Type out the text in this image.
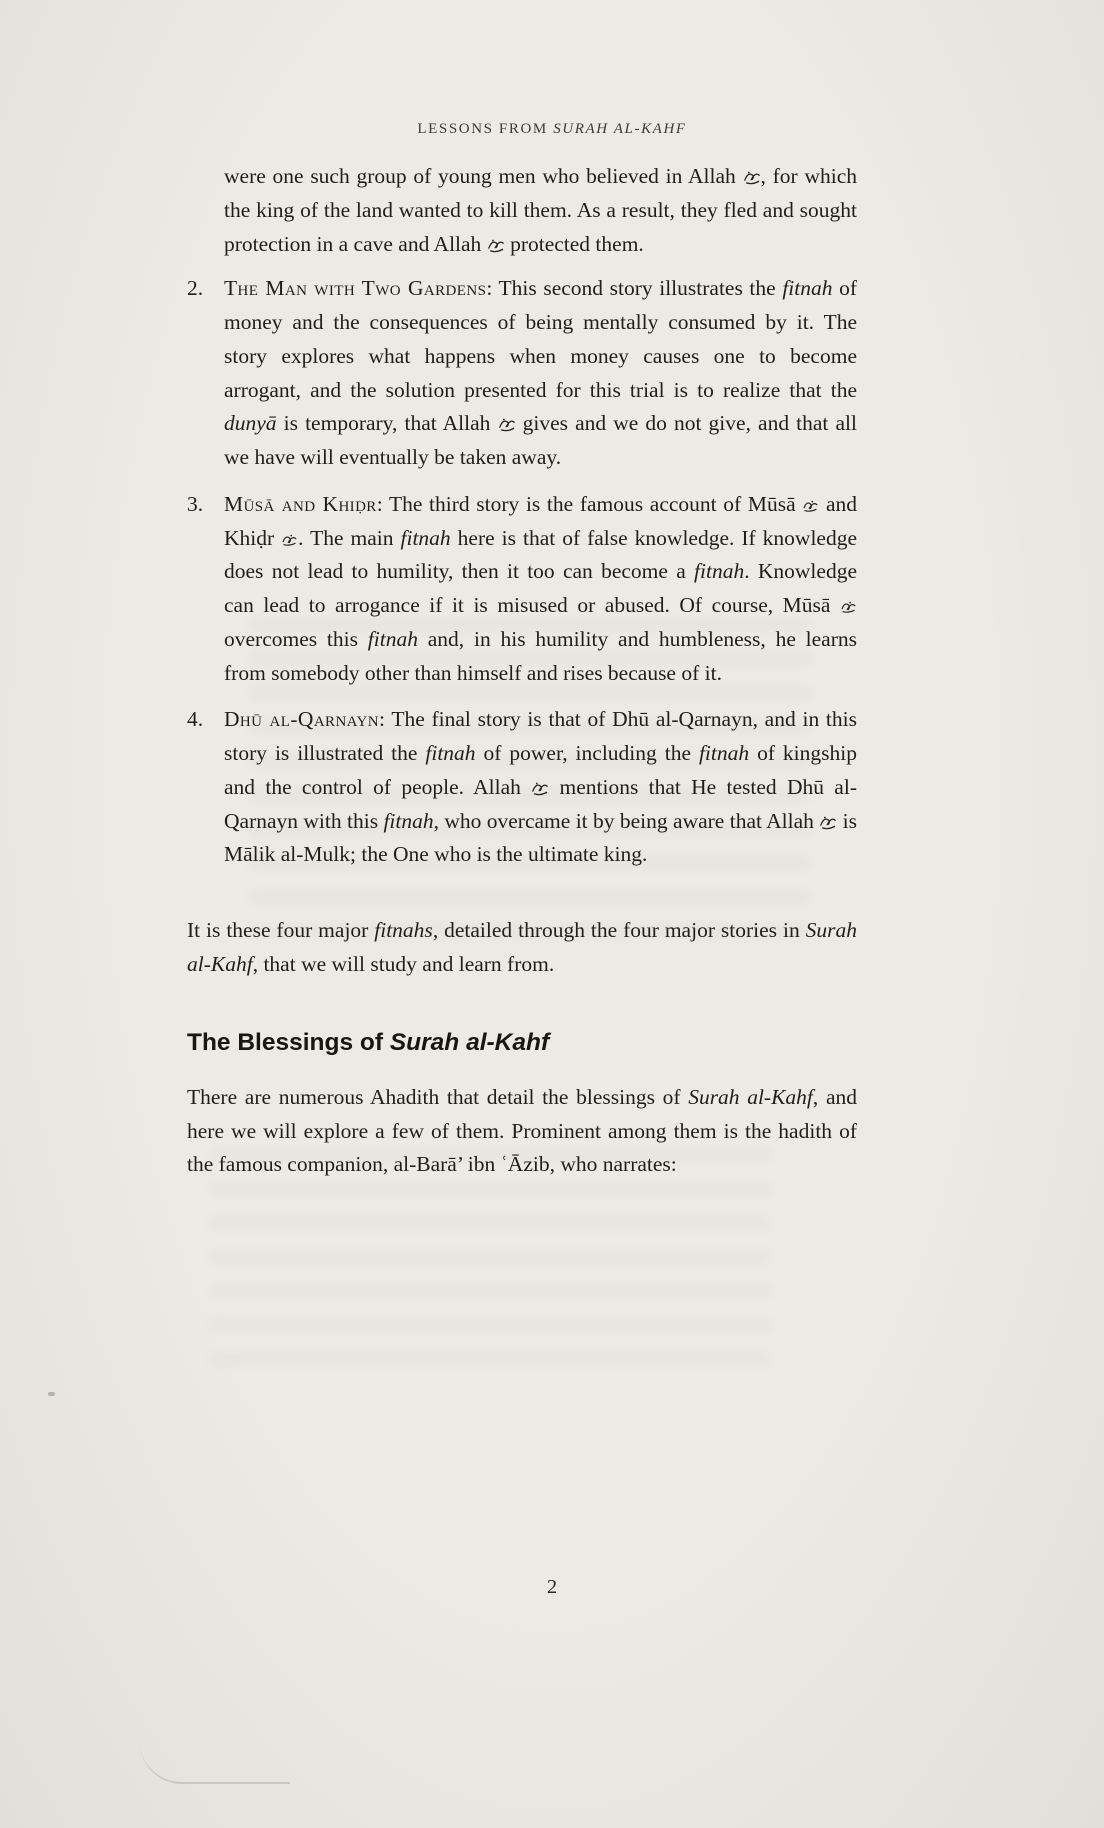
LESSONS FROM SURAH AL-KAHF
were one such group of young men who believed in Allah , for which the king of the land wanted to kill them. As a result, they fled and sought protection in a cave and Allah  protected them.
2. The Man with Two Gardens: This second story illustrates the fitnah of money and the consequences of being mentally consumed by it. The story explores what happens when money causes one to become arrogant, and the solution presented for this trial is to realize that the dunyā is temporary, that Allah  gives and we do not give, and that all we have will eventually be taken away.
3. Mūsā and Khiḍr: The third story is the famous account of Mūsā  and Khiḍr . The main fitnah here is that of false knowledge. If knowledge does not lead to humility, then it too can become a fitnah. Knowledge can lead to arrogance if it is misused or abused. Of course, Mūsā  overcomes this fitnah and, in his humility and humbleness, he learns from somebody other than himself and rises because of it.
4. Dhū al-Qarnayn: The final story is that of Dhū al-Qarnayn, and in this story is illustrated the fitnah of power, including the fitnah of kingship and the control of people. Allah  mentions that He tested Dhū al-Qarnayn with this fitnah, who overcame it by being aware that Allah  is Mālik al-Mulk; the One who is the ultimate king.
It is these four major fitnahs, detailed through the four major stories in Surah al-Kahf, that we will study and learn from.
The Blessings of Surah al-Kahf
There are numerous Ahadith that detail the blessings of Surah al-Kahf, and here we will explore a few of them. Prominent among them is the hadith of the famous companion, al-Barā’ ibn ʿĀzib, who narrates:
2
